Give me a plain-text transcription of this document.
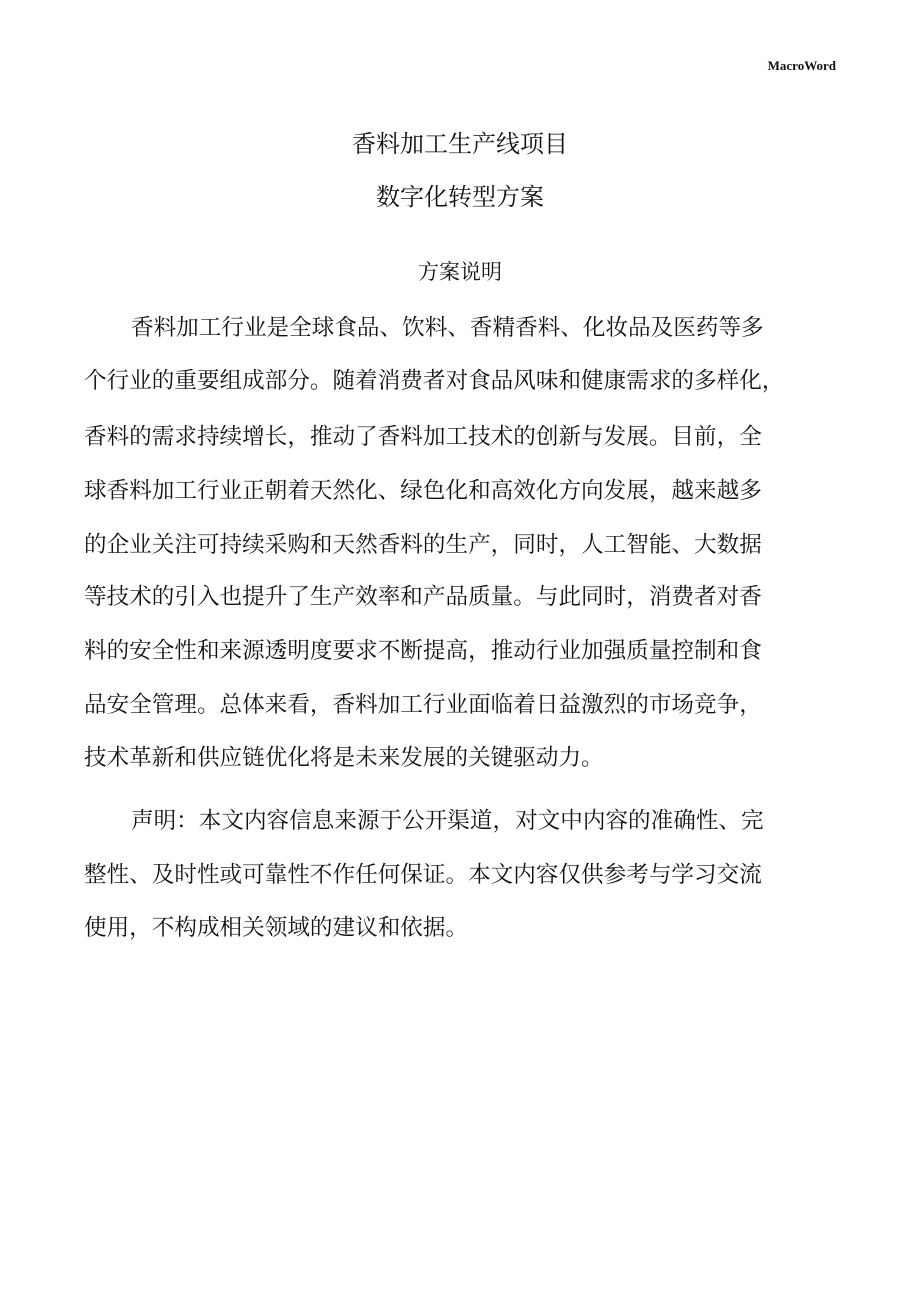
MacroWord
香料加工生产线项目
数字化转型方案
方案说明
香料加工行业是全球食品、饮料、香精香料、化妆品及医药等多
个行业的重要组成部分。随着消费者对食品风味和健康需求的多样化，
香料的需求持续增长，推动了香料加工技术的创新与发展。目前，全
球香料加工行业正朝着天然化、绿色化和高效化方向发展，越来越多
的企业关注可持续采购和天然香料的生产，同时，人工智能、大数据
等技术的引入也提升了生产效率和产品质量。与此同时，消费者对香
料的安全性和来源透明度要求不断提高，推动行业加强质量控制和食
品安全管理。总体来看，香料加工行业面临着日益激烈的市场竞争，
技术革新和供应链优化将是未来发展的关键驱动力。
声明：本文内容信息来源于公开渠道，对文中内容的准确性、完
整性、及时性或可靠性不作任何保证。本文内容仅供参考与学习交流
使用，不构成相关领域的建议和依据。
